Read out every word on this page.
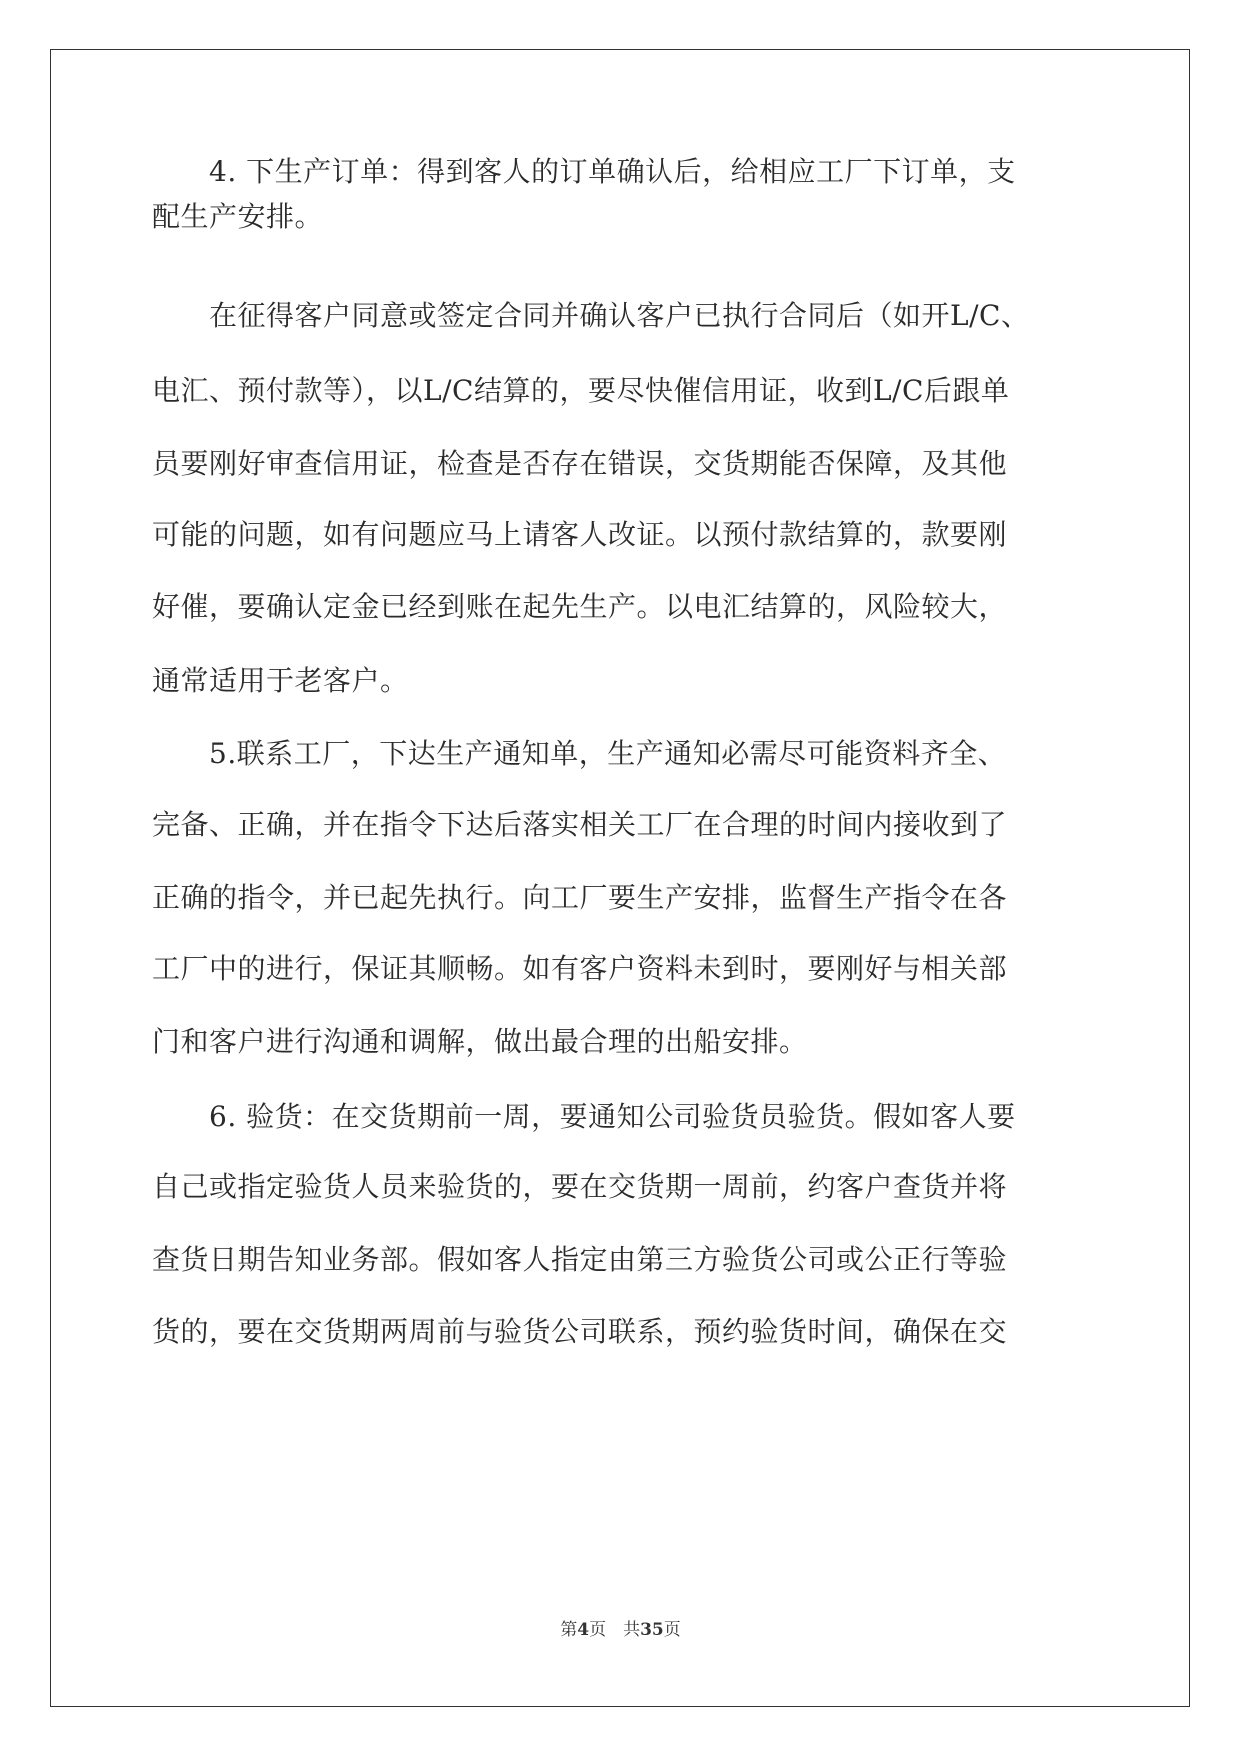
　　4. 下生产订单：得到客人的订单确认后，给相应工厂下订单，支
配生产安排。
　　在征得客户同意或签定合同并确认客户已执行合同后（如开L/C、
电汇、预付款等），以L/C结算的，要尽快催信用证，收到L/C后跟单
员要刚好审查信用证，检查是否存在错误，交货期能否保障，及其他
可能的问题，如有问题应马上请客人改证。以预付款结算的，款要刚
好催，要确认定金已经到账在起先生产。以电汇结算的，风险较大，
通常适用于老客户。
　　5.联系工厂，下达生产通知单，生产通知必需尽可能资料齐全、
完备、正确，并在指令下达后落实相关工厂在合理的时间内接收到了
正确的指令，并已起先执行。向工厂要生产安排，监督生产指令在各
工厂中的进行，保证其顺畅。如有客户资料未到时，要刚好与相关部
门和客户进行沟通和调解，做出最合理的出船安排。
　　6. 验货：在交货期前一周，要通知公司验货员验货。假如客人要
自己或指定验货人员来验货的，要在交货期一周前，约客户查货并将
查货日期告知业务部。假如客人指定由第三方验货公司或公正行等验
货的，要在交货期两周前与验货公司联系，预约验货时间，确保在交
第4页　共35页
